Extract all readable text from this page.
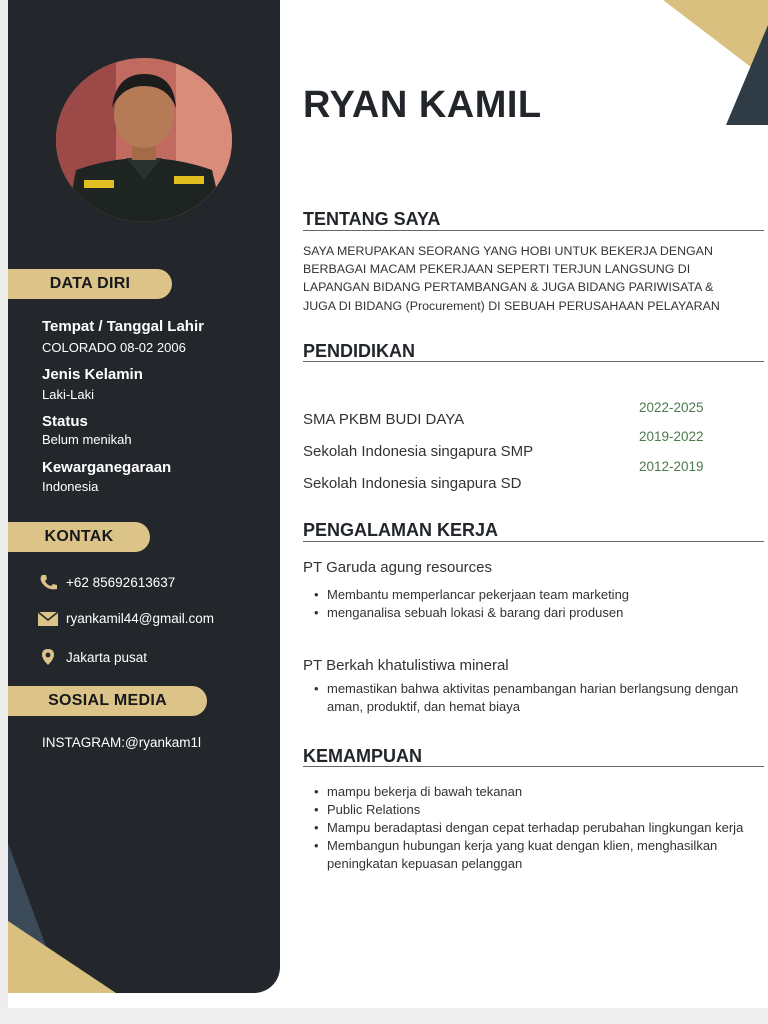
DATA DIRI
Tempat / Tanggal Lahir
COLORADO 08-02 2006
Jenis Kelamin
Laki-Laki
Status
Belum menikah
Kewarganegaraan
Indonesia
KONTAK
+62 85692613637
ryankamil44@gmail.com
Jakarta pusat
SOSIAL MEDIA
INSTAGRAM:@ryankam1l
RYAN KAMIL
TENTANG SAYA
SAYA MERUPAKAN SEORANG YANG HOBI UNTUK BEKERJA DENGAN BERBAGAI MACAM PEKERJAAN SEPERTI TERJUN LANGSUNG DI LAPANGAN BIDANG PERTAMBANGAN & JUGA BIDANG PARIWISATA & JUGA DI BIDANG (Procurement) DI SEBUAH PERUSAHAAN PELAYARAN
PENDIDIKAN
SMA PKBM BUDI DAYA
Sekolah Indonesia singapura SMP
Sekolah Indonesia singapura SD
2022-2025
2019-2022
2012-2019
PENGALAMAN KERJA
PT Garuda agung resources
• Membantu memperlancar pekerjaan team marketing
• menganalisa sebuah lokasi & barang dari produsen
PT Berkah khatulistiwa mineral
• memastikan bahwa aktivitas penambangan harian berlangsung dengan aman, produktif, dan hemat biaya
KEMAMPUAN
• mampu bekerja di bawah tekanan
• Public Relations
• Mampu beradaptasi dengan cepat terhadap perubahan lingkungan kerja
• Membangun hubungan kerja yang kuat dengan klien, menghasilkan peningkatan kepuasan pelanggan
